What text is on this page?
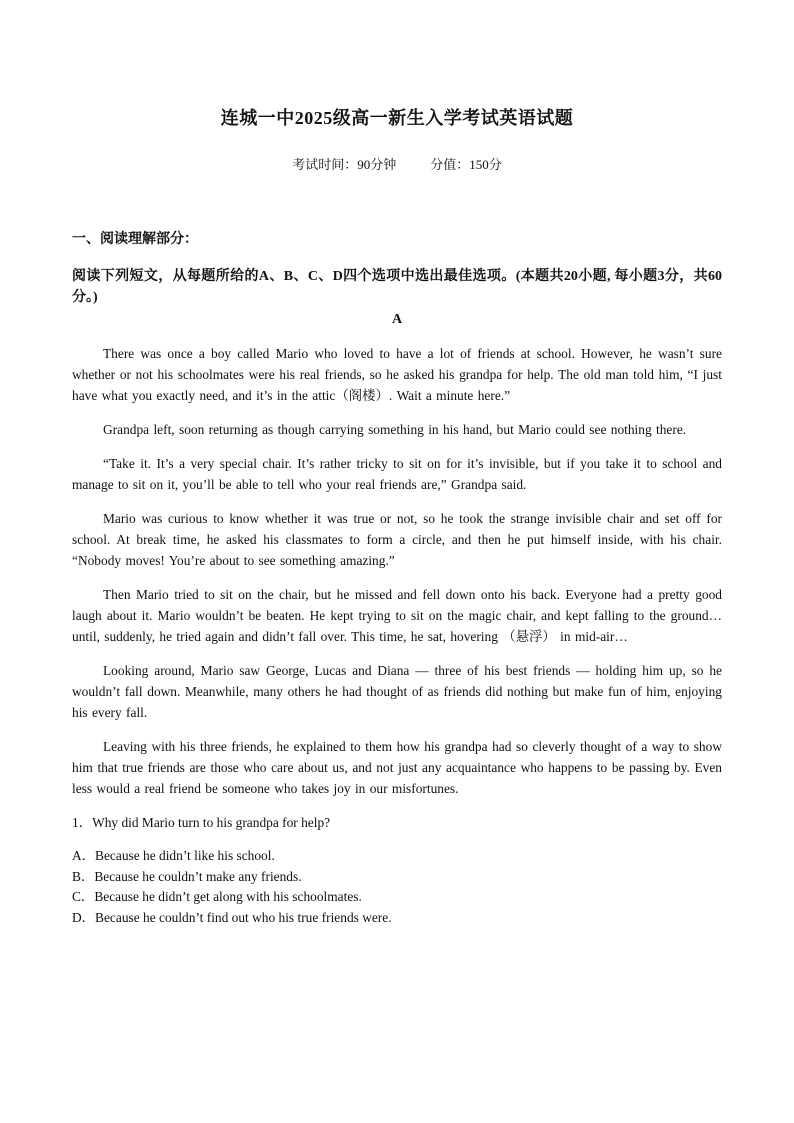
连城一中2025级高一新生入学考试英语试题
考试时间：90分钟	分值：150分
一、阅读理解部分：
阅读下列短文，从每题所给的A、B、C、D四个选项中选出最佳选项。(本题共20小题, 每小题3分，共60分。)
A

There was once a boy called Mario who loved to have a lot of friends at school. However, he wasn’t sure whether or not his schoolmates were his real friends, so he asked his grandpa for help. The old man told him, “I just have what you exactly need, and it’s in the attic（阁楼）. Wait a minute here.”

Grandpa left, soon returning as though carrying something in his hand, but Mario could see nothing there.

“Take it. It’s a very special chair. It’s rather tricky to sit on for it’s invisible, but if you take it to school and manage to sit on it, you’ll be able to tell who your real friends are,” Grandpa said.

Mario was curious to know whether it was true or not, so he took the strange invisible chair and set off for school. At break time, he asked his classmates to form a circle, and then he put himself inside, with his chair. “Nobody moves! You’re about to see something amazing.”

Then Mario tried to sit on the chair, but he missed and fell down onto his back. Everyone had a pretty good laugh about it. Mario wouldn’t be beaten. He kept trying to sit on the magic chair, and kept falling to the ground… until, suddenly, he tried again and didn’t fall over. This time, he sat, hovering （悬浮） in mid-air…

Looking around, Mario saw George, Lucas and Diana — three of his best friends — holding him up, so he wouldn’t fall down. Meanwhile, many others he had thought of as friends did nothing but make fun of him, enjoying his every fall.

Leaving with his three friends, he explained to them how his grandpa had so cleverly thought of a way to show him that true friends are those who care about us, and not just any acquaintance who happens to be passing by. Even less would a real friend be someone who takes joy in our misfortunes.

1．Why did Mario turn to his grandpa for help?
A．Because he didn’t like his school.
B．Because he couldn’t make any friends.
C．Because he didn’t get along with his schoolmates.
D．Because he couldn’t find out who his true friends were.
